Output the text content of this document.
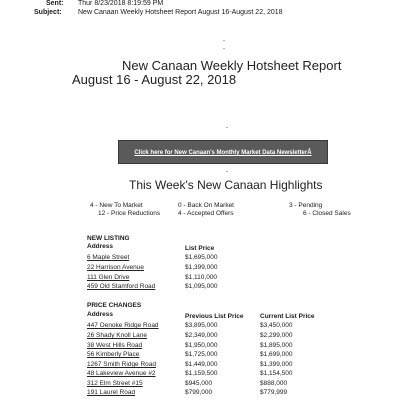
Sent: Thur 8/23/2018 8:19:59 PM
Subject: New Canaan Weekly Hotsheet Report August 16-August 22, 2018
-
-
New Canaan Weekly Hotsheet Report
August 16 - August 22, 2018
-
Click here for New Canaan's Monthly Market Data NewsletterÂ
-
This Week's New Canaan Highlights
4 - New To Market	0 - Back On Market	3 - Pending
12 - Price Reductions	4 - Accepted Offers	6 - Closed Sales
NEW LISTING
Address	List Price
6 Maple Street	$1,695,000
22 Harrison Avenue	$1,399,000
111 Glen Drive	$1,110,000
459 Old Stamford Road	$1,095,000
PRICE CHANGES
Address	Previous List Price	Current List Price
447 Oenoke Ridge Road	$3,895,000	$3,450,000
26 Shady Knoll Lane	$2,349,000	$2,299,000
38 West Hills Road	$1,950,000	$1,895,000
56 Kimberly Place	$1,725,000	$1,699,000
1267 Smith Ridge Road	$1,449,000	$1,399,000
48 Lakeview Avenue #2	$1,159,500	$1,154,500
312 Elm Street #15	$945,000	$888,000
191 Laurel Road	$799,000	$779,999
